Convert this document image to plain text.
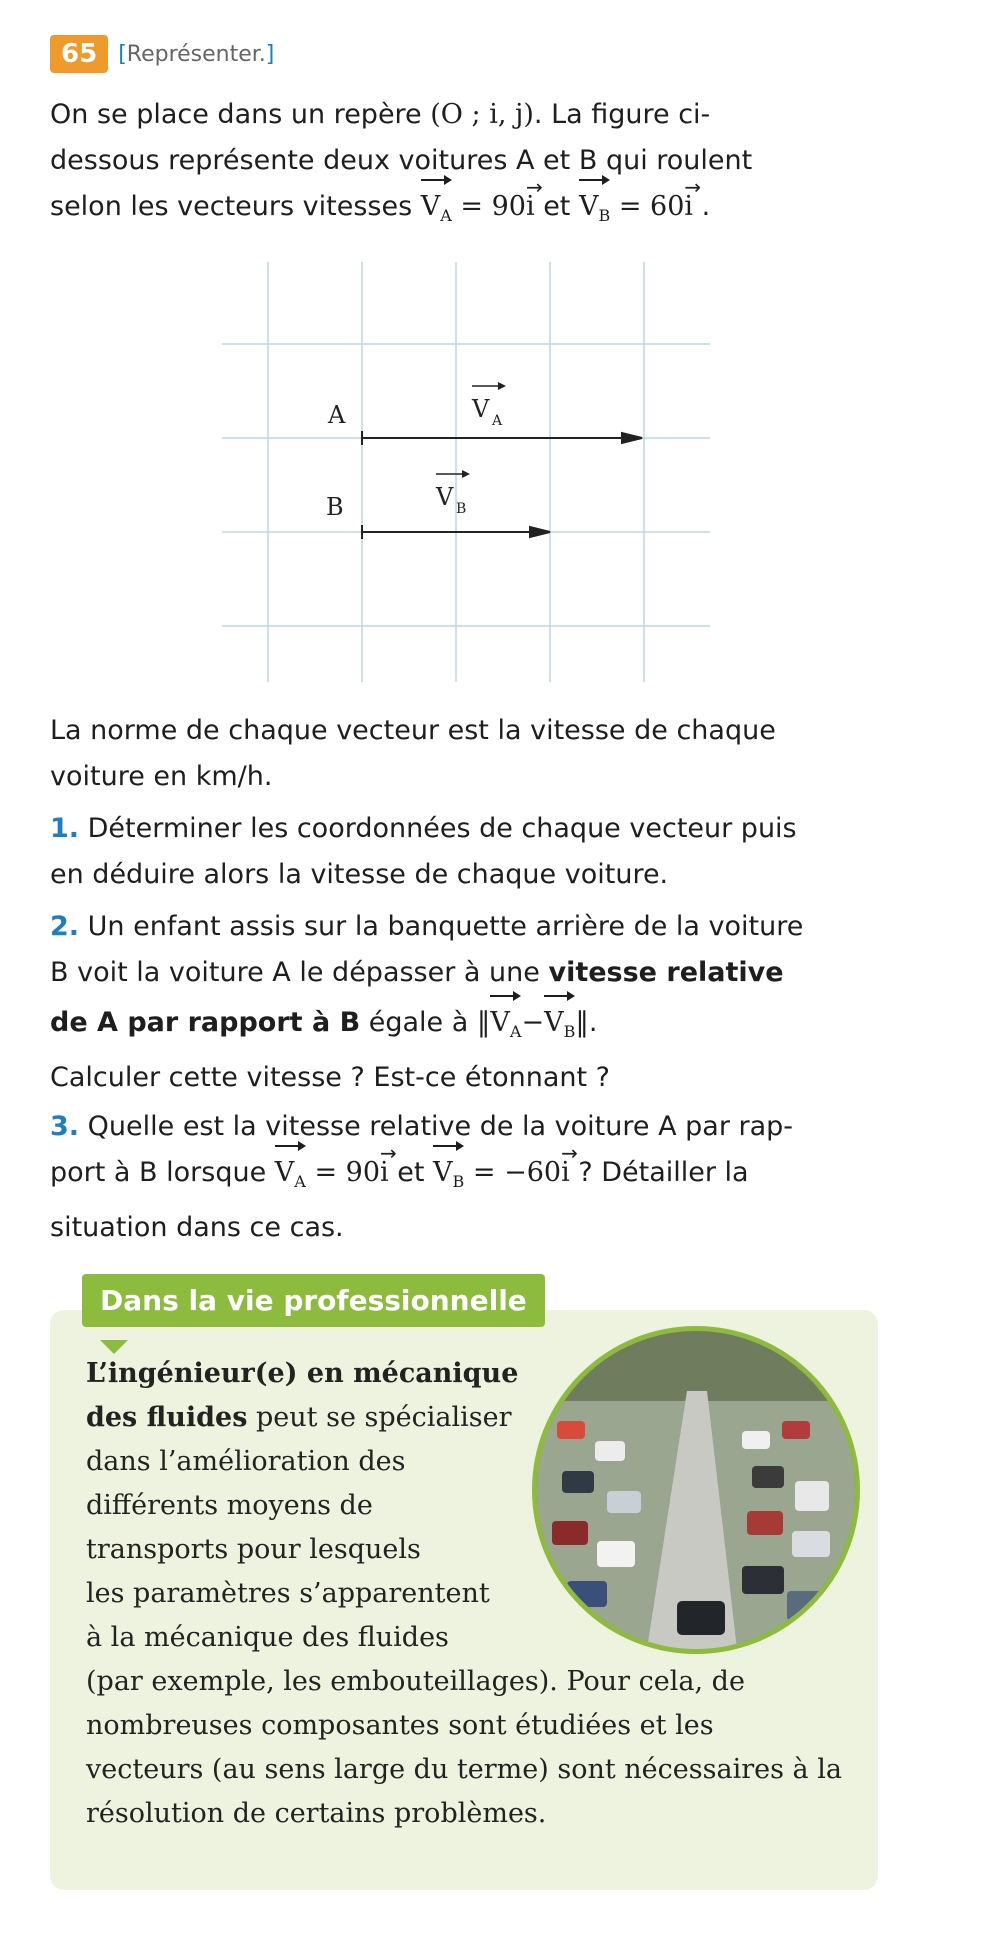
65 [Représenter.]
On se place dans un repère (O ; i, j). La figure ci-
dessous représente deux voitures A et B qui roulent
selon les vecteurs vitesses $V_A = 90\to i$ et $V_B = 60\to i$ .
A
B
V A
V B
La norme de chaque vecteur est la vitesse de chaque
voiture en km/h.
1. Déterminer les coordonnées de chaque vecteur puis
en déduire alors la vitesse de chaque voiture.
2. Un enfant assis sur la banquette arrière de la voiture
B voit la voiture A le dépasser à une vitesse relative
de A par rapport à B égale à $‖V_A-V_B‖$.
Calculer cette vitesse ? Est-ce étonnant ?
3. Quelle est la vitesse relative de la voiture A par rap-
port à B lorsque $V_A = 90\to i$ et $V_B = -60\to i$ ? Détailler la
situation dans ce cas.
Dans la vie professionnelle
L’ingénieur(e) en mécanique
des fluides peut se spécialiser
dans l’amélioration des
différents moyens de
transports pour lesquels
les paramètres s’apparentent
à la mécanique des fluides
(par exemple, les embouteillages). Pour cela, de
nombreuses composantes sont étudiées et les
vecteurs (au sens large du terme) sont nécessaires à la
résolution de certains problèmes.
